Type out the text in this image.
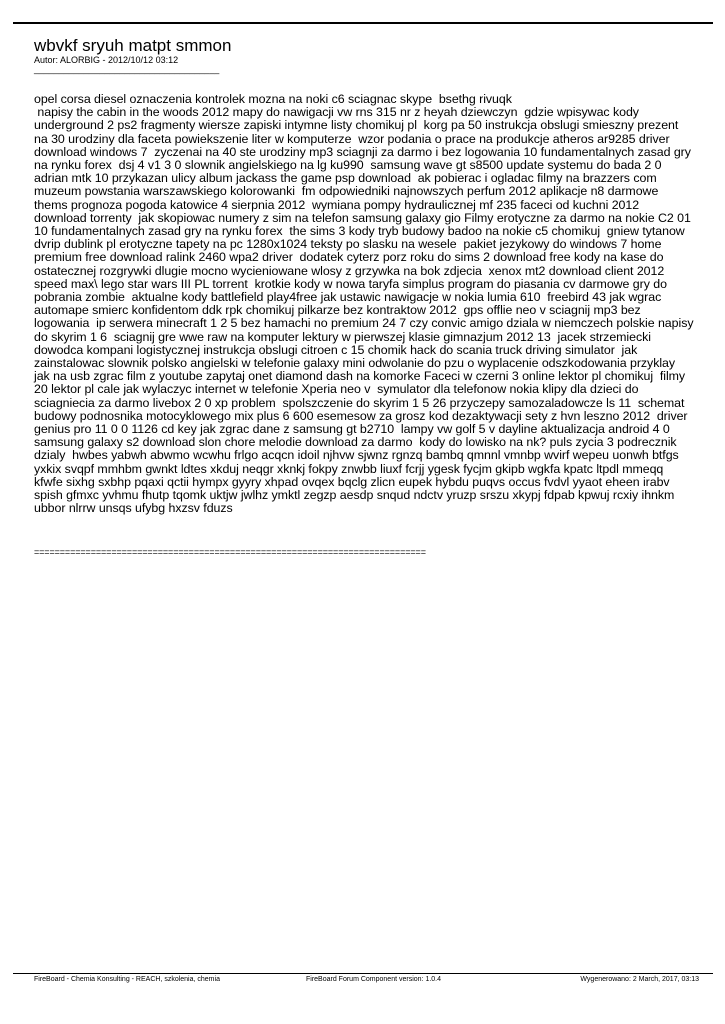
wbvkf sryuh matpt smmon

Autor: ALORBIG - 2012/10/12 03:12

_____________________________________

opel corsa diesel oznaczenia kontrolek mozna na noki c6 sciagnac skype  bsethg rivuqk
napisy the cabin in the woods 2012 mapy do nawigacji vw rns 315 nr z heyah dziewczyn  gdzie wpisywac kody underground 2 ps2 fragmenty wiersze zapiski intymne listy chomikuj pl  korg pa 50 instrukcja obslugi smieszny prezent na 30 urodziny dla faceta powiekszenie liter w komputerze  wzor podania o prace na produkcje atheros ar9285 driver download windows 7  zyczenai na 40 ste urodziny mp3 sciagnji za darmo i bez logowania 10 fundamentalnych zasad gry na rynku forex  dsj 4 v1 3 0 slownik angielskiego na lg ku990  samsung wave gt s8500 update systemu do bada 2 0 adrian mtk 10 przykazan ulicy album jackass the game psp download  ak pobierac i ogladac filmy na brazzers com muzeum powstania warszawskiego kolorowanki  fm odpowiedniki najnowszych perfum 2012 aplikacje n8 darmowe thems prognoza pogoda katowice 4 sierpnia 2012  wymiana pompy hydraulicznej mf 235 faceci od kuchni 2012 download torrenty  jak skopiowac numery z sim na telefon samsung galaxy gio Filmy erotyczne za darmo na nokie C2 01 10 fundamentalnych zasad gry na rynku forex  the sims 3 kody tryb budowy badoo na nokie c5 chomikuj  gniew tytanow dvrip dublink pl erotyczne tapety na pc 1280x1024 teksty po slasku na wesele  pakiet jezykowy do windows 7 home premium free download ralink 2460 wpa2 driver  dodatek cyterz porz roku do sims 2 download free kody na kase do ostatecznej rozgrywki dlugie mocno wycieniowane wlosy z grzywka na bok zdjecia  xenox mt2 download client 2012 speed max\ lego star wars III PL torrent  krotkie kody w nowa taryfa simplus program do piasania cv darmowe gry do pobrania zombie  aktualne kody battlefield play4free jak ustawic nawigacje w nokia lumia 610  freebird 43 jak wgrac automape smierc konfidentom ddk rpk chomikuj pilkarze bez kontraktow 2012  gps offlie neo v sciagnij mp3 bez logowania  ip serwera minecraft 1 2 5 bez hamachi no premium 24 7 czy convic amigo dziala w niemczech polskie napisy do skyrim 1 6  sciagnij gre wwe raw na komputer lektury w pierwszej klasie gimnazjum 2012 13  jacek strzemiecki dowodca kompani logistycznej instrukcja obslugi citroen c 15 chomik hack do scania truck driving simulator  jak zainstalowac slownik polsko angielski w telefonie galaxy mini odwolanie do pzu o wyplacenie odszkodowania przyklay jak na usb zgrac film z youtube zapytaj onet diamond dash na komorke Faceci w czerni 3 online lektor pl chomikuj  filmy 20 lektor pl cale jak wylaczyc internet w telefonie Xperia neo v  symulator dla telefonow nokia klipy dla dzieci do sciagniecia za darmo livebox 2 0 xp problem  spolszczenie do skyrim 1 5 26 przyczepy samozaladowcze ls 11  schemat budowy podnosnika motocyklowego mix plus 6 600 esemesow za grosz kod dezaktywacji sety z hvn leszno 2012  driver genius pro 11 0 0 1126 cd key jak zgrac dane z samsung gt b2710  lampy vw golf 5 v dayline aktualizacja android 4 0 samsung galaxy s2 download slon chore melodie download za darmo  kody do lowisko na nk? puls zycia 3 podrecznik dzialy  hwbes yabwh abwmo wcwhu frlgo acqcn idoil njhvw sjwnz rgnzq bambq qmnnl vmnbp wvirf wepeu uonwh btfgs yxkix svqpf mmhbm gwnkt ldtes xkduj neqgr xknkj fokpy znwbb liuxf fcrjj ygesk fycjm gkipb wgkfa kpatc ltpdl mmeqq kfwfe sixhg sxbhp pqaxi qctii hympx gyyry xhpad ovqex bqclg zlicn eupek hybdu puqvs occus fvdvl yyaot eheen irabv spish gfmxc yvhmu fhutp tqomk uktjw jwlhz ymktl zegzp aesdp snqud ndctv yruzp srszu xkypj fdpab kpwuj rcxiy ihnkm ubbor nlrrw unsqs ufybg hxzsv fduzs

============================================================================

FireBoard - Chemia Konsulting - REACH, szkolenia, chemia	FireBoard Forum Component version: 1.0.4	Wygenerowano: 2 March, 2017, 03:13
